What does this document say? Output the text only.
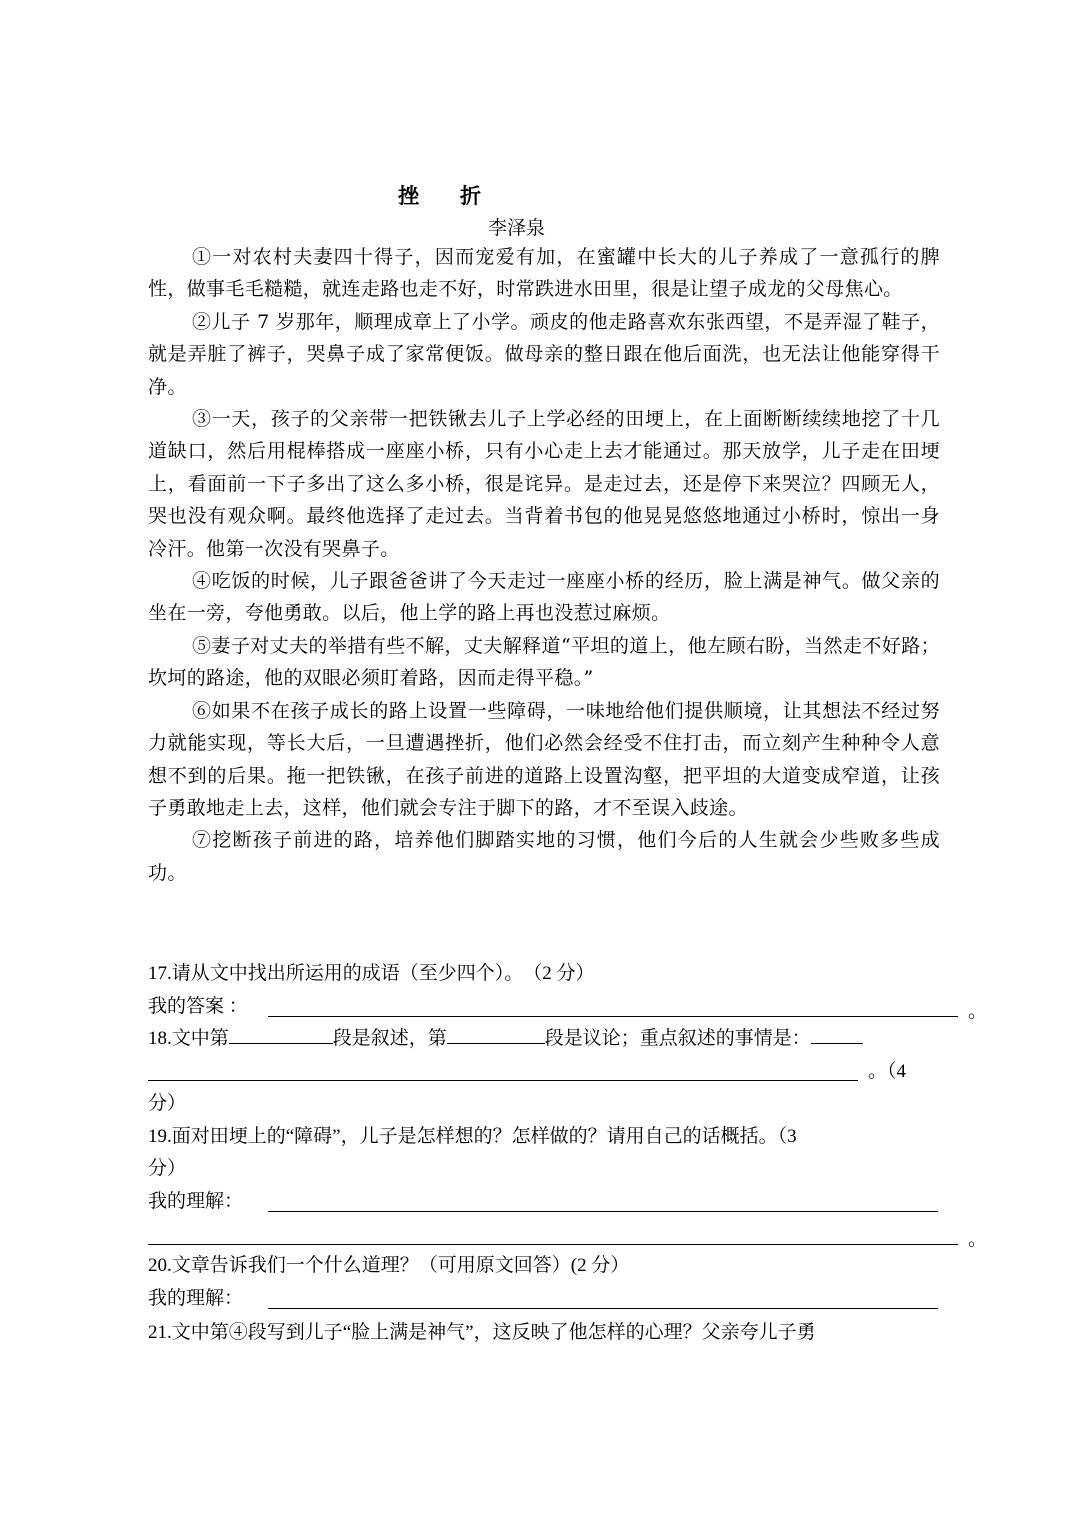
挫　折
李泽泉

①一对农村夫妻四十得子，因而宠爱有加，在蜜罐中长大的儿子养成了一意孤行的脾性，做事毛毛糙糙，就连走路也走不好，时常跌进水田里，很是让望子成龙的父母焦心。

②儿子 7 岁那年，顺理成章上了小学。顽皮的他走路喜欢东张西望，不是弄湿了鞋子，就是弄脏了裤子，哭鼻子成了家常便饭。做母亲的整日跟在他后面洗，也无法让他能穿得干净。

③一天，孩子的父亲带一把铁锹去儿子上学必经的田埂上，在上面断断续续地挖了十几道缺口，然后用棍棒搭成一座座小桥，只有小心走上去才能通过。那天放学，儿子走在田埂上，看面前一下子多出了这么多小桥，很是诧异。是走过去，还是停下来哭泣？四顾无人，哭也没有观众啊。最终他选择了走过去。当背着书包的他晃晃悠悠地通过小桥时，惊出一身冷汗。他第一次没有哭鼻子。

④吃饭的时候，儿子跟爸爸讲了今天走过一座座小桥的经历，脸上满是神气。做父亲的坐在一旁，夸他勇敢。以后，他上学的路上再也没惹过麻烦。

⑤妻子对丈夫的举措有些不解，丈夫解释道“平坦的道上，他左顾右盼，当然走不好路；坎坷的路途，他的双眼必须盯着路，因而走得平稳。”

⑥如果不在孩子成长的路上设置一些障碍，一味地给他们提供顺境，让其想法不经过努力就能实现，等长大后，一旦遭遇挫折，他们必然会经受不住打击，而立刻产生种种令人意想不到的后果。拖一把铁锹，在孩子前进的道路上设置沟壑，把平坦的大道变成窄道，让孩子勇敢地走上去，这样，他们就会专注于脚下的路，才不至误入歧途。

⑦挖断孩子前进的路，培养他们脚踏实地的习惯，他们今后的人生就会少些败多些成功。

17.请从文中找出所运用的成语（至少四个）。　（2 分）
我的答案 ：	。
18.文中第	段是叙述，第	段是议论；重点叙述的事情是：
。（4
分）
19.面对田埂上的“障碍”，儿子是怎样想的？怎样做的？请用自己的话概括。（3
分）
我的理解：
。
20.文章告诉我们一个什么道理？（可用原文回答）(2 分）
我的理解：
21.文中第④段写到儿子“脸上满是神气”，这反映了他怎样的心理？父亲夸儿子勇
